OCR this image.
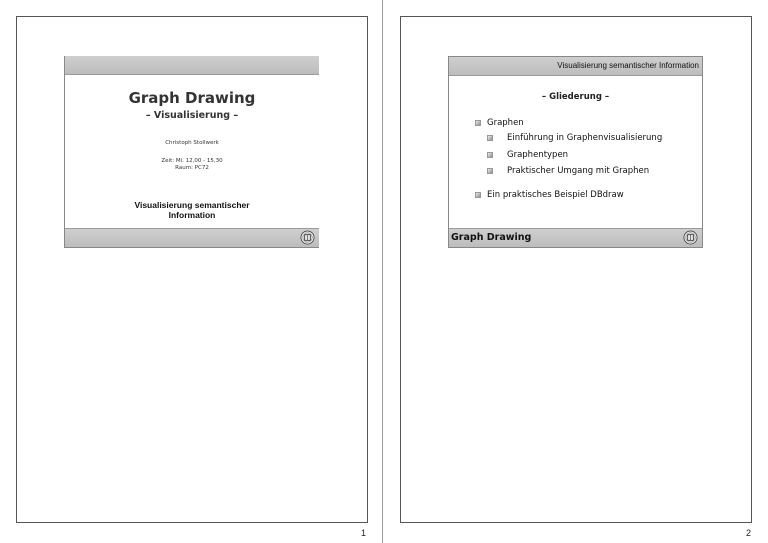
Graph Drawing
– Visualisierung –
Christoph Stollwerk
Zeit: Mi. 12,00 - 15,30
Raum: PC72
Visualisierung semantischer
Information
1
Visualisierung semantischer Information
– Gliederung –
Graphen
Einführung in Graphenvisualisierung
Graphentypen
Praktischer Umgang mit Graphen
Ein praktisches Beispiel DBdraw
Graph Drawing
2
